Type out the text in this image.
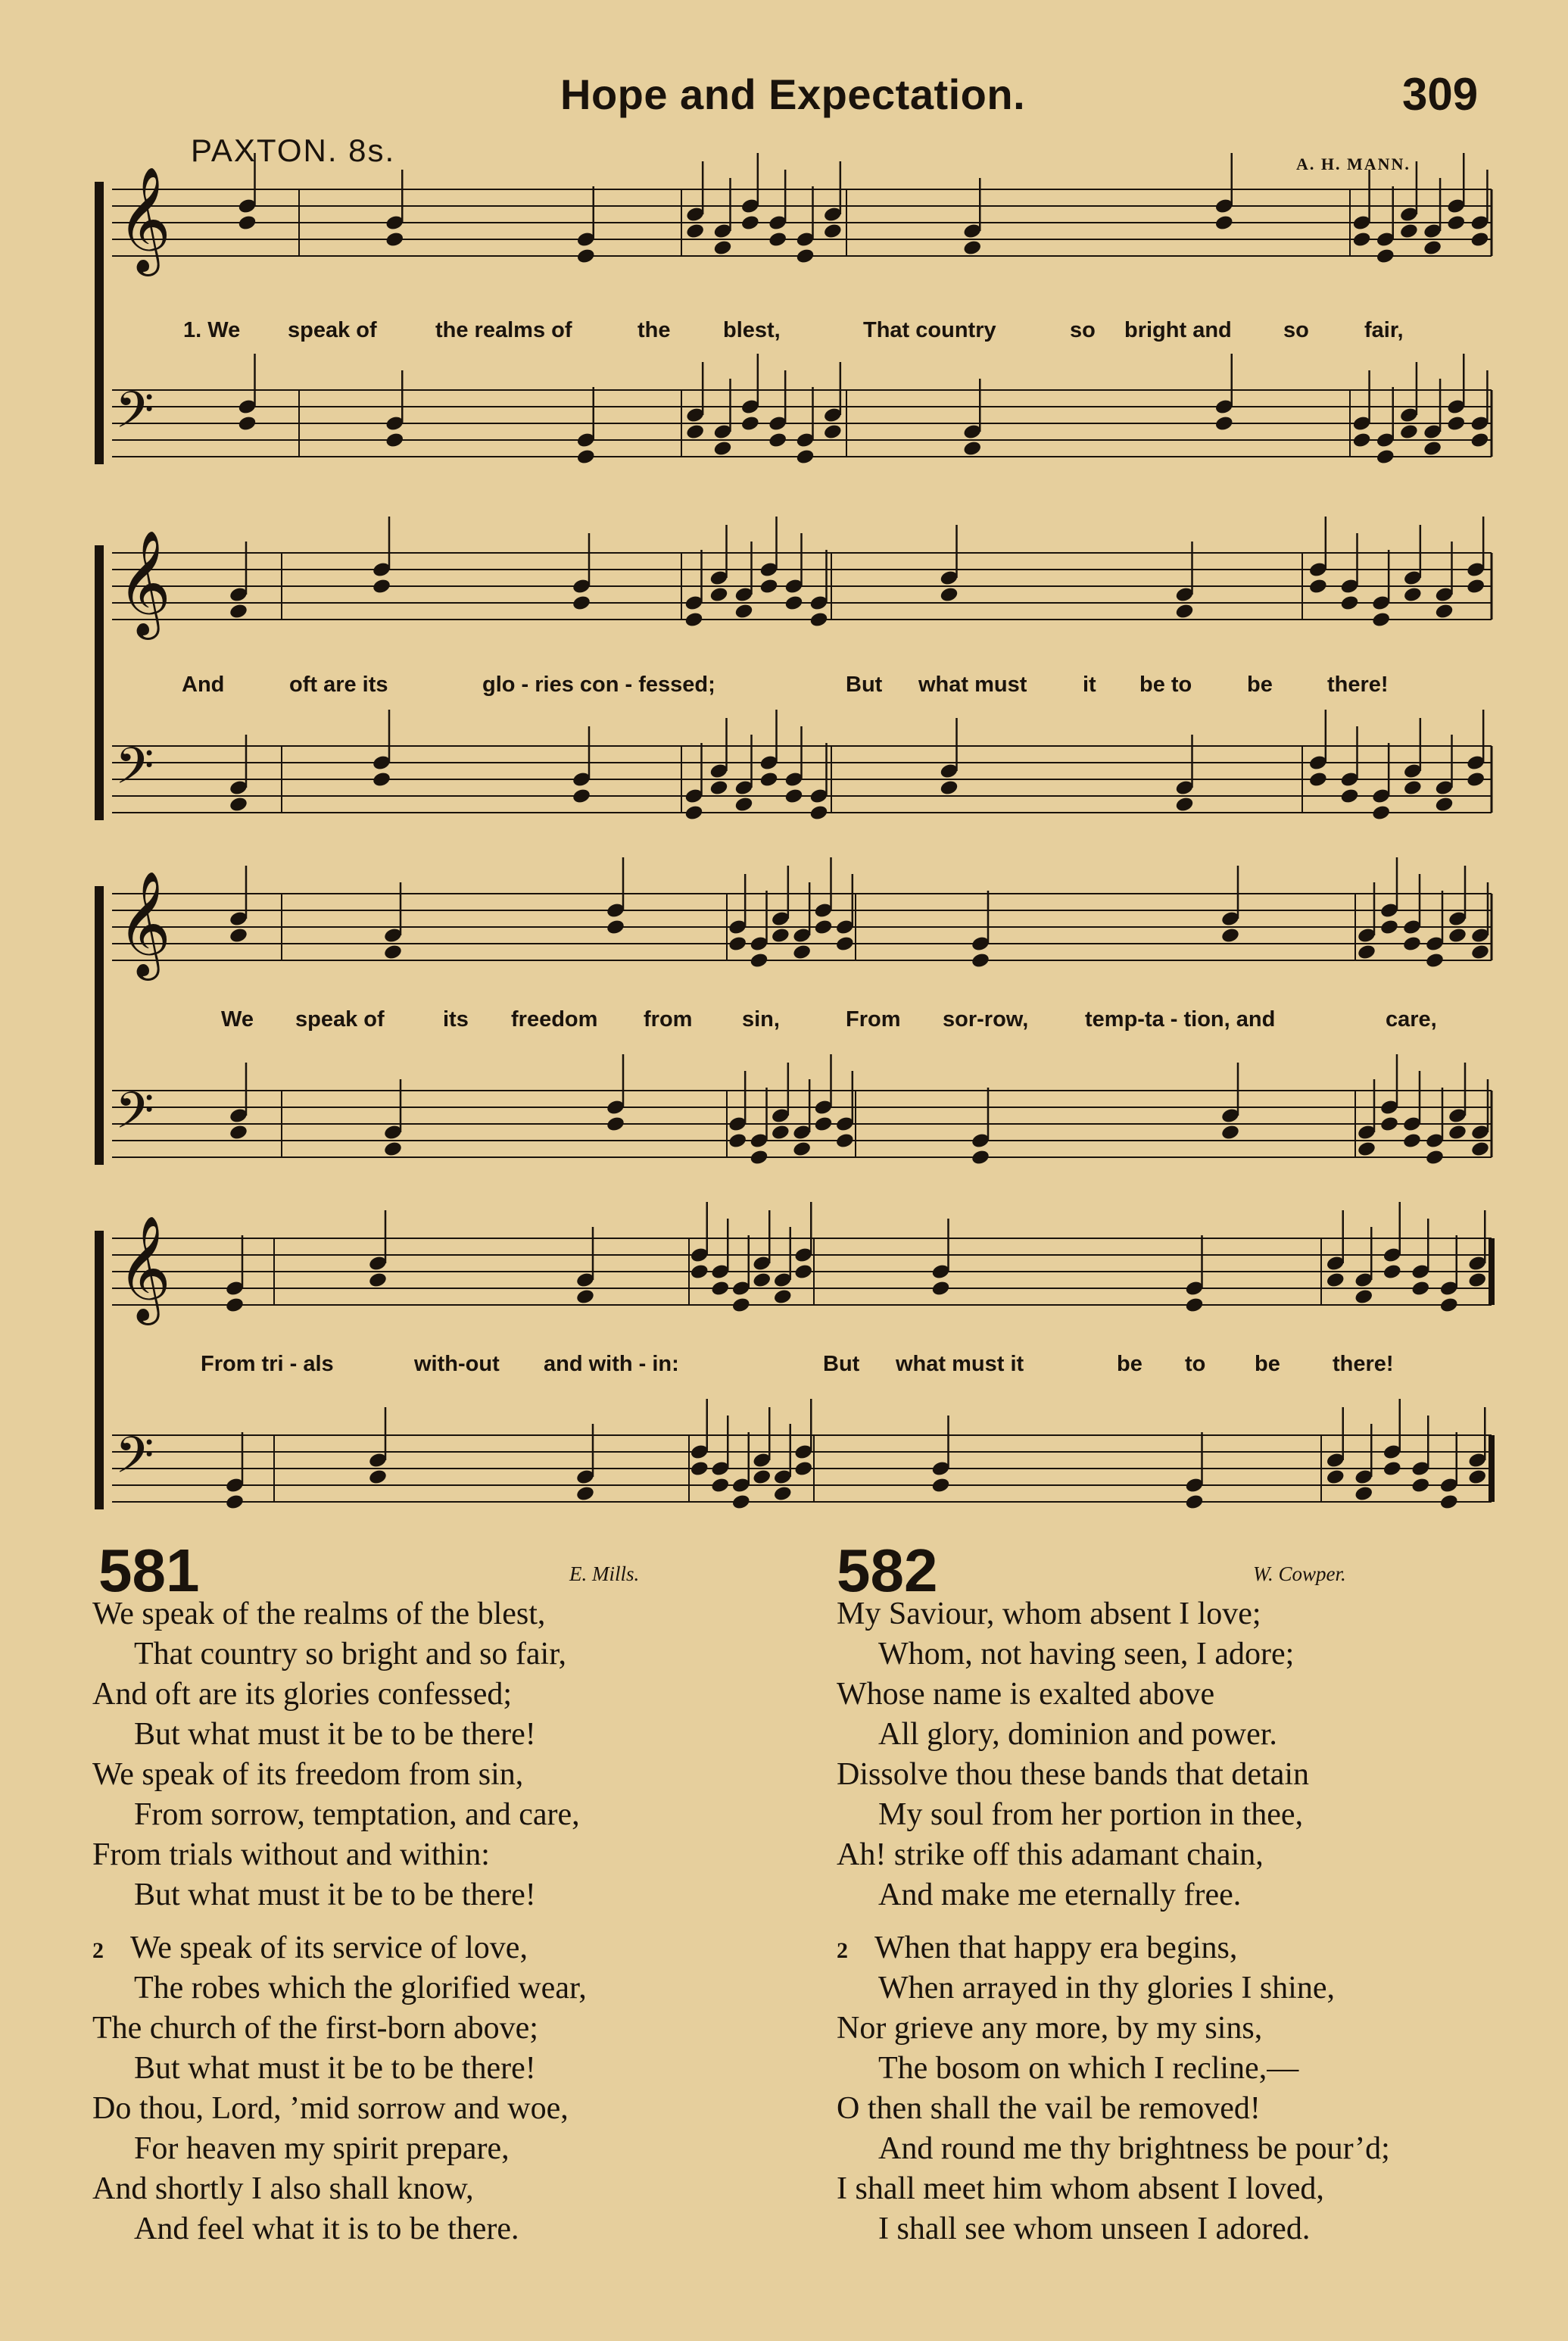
Hope and Expectation.	309
PAXTON. 8s.	A. H. MANN.
𝄞
𝄢
𝄞
𝄢
𝄞
𝄢
𝄞
𝄢
1. We speak of	the realms of	the blest,	That country	so bright and so	fair,
And	oft are its	glo - ries con - fessed;	But what must	it be to	be there!
We speak of	its freedom from sin,	From sor-row,	temp-ta - tion, and	care,
From tri - als	with-out and with - in:	But what must it	be to be there!
581	E. Mills.
We speak of the realms of the blest,
That country so bright and so fair,
And oft are its glories confessed;
But what must it be to be there!
We speak of its freedom from sin,
From sorrow, temptation, and care,
From trials without and within:
But what must it be to be there!
2 We speak of its service of love,
The robes which the glorified wear,
The church of the first-born above;
But what must it be to be there!
Do thou, Lord, ’mid sorrow and woe,
For heaven my spirit prepare,
And shortly I also shall know,
And feel what it is to be there.
582	W. Cowper.
My Saviour, whom absent I love;
Whom, not having seen, I adore;
Whose name is exalted above
All glory, dominion and power.
Dissolve thou these bands that detain
My soul from her portion in thee,
Ah! strike off this adamant chain,
And make me eternally free.
2 When that happy era begins,
When arrayed in thy glories I shine,
Nor grieve any more, by my sins,
The bosom on which I recline,—
O then shall the vail be removed!
And round me thy brightness be pour’d;
I shall meet him whom absent I loved,
I shall see whom unseen I adored.
